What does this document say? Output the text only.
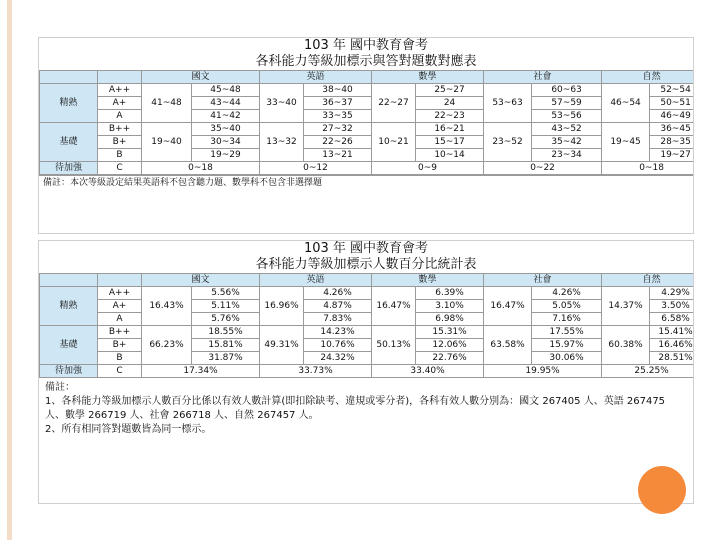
103 年 國中教育會考

各科能力等級加標示與答對題數對應表

		國文		英語		數學		社會		自然	
精熟	A++	41~48	45~48	33~40	38~40	22~27	25~27	53~63	60~63	46~54	52~54
	A+		43~44		36~37		24		57~59		50~51
	A		41~42		33~35		22~23		53~56		46~49
基礎	B++	19~40	35~40	13~32	27~32	10~21	16~21	23~52	43~52	19~45	36~45
	B+		30~34		22~26		15~17		35~42		28~35
	B		19~29		13~21		10~14		23~34		19~27
待加強	C	0~18		0~12		0~9		0~22		0~18	
備註：本次等級設定結果英語科不包含聽力題、數學科不包含非選擇題

103 年 國中教育會考

各科能力等級加標示人數百分比統計表

		國文		英語		數學		社會		自然	
精熟	A++	16.43%	5.56%	16.96%	4.26%	16.47%	6.39%	16.47%	4.26%	14.37%	4.29%
	A+		5.11%		4.87%		3.10%		5.05%		3.50%
	A		5.76%		7.83%		6.98%		7.16%		6.58%
基礎	B++	66.23%	18.55%	49.31%	14.23%	50.13%	15.31%	63.58%	17.55%	60.38%	15.41%
	B+		15.81%		10.76%		12.06%		15.97%		16.46%
	B		31.87%		24.32%		22.76%		30.06%		28.51%
待加強	C	17.34%		33.73%		33.40%		19.95%		25.25%	
備註：
1、各科能力等級加標示人數百分比係以有效人數計算(即扣除缺考、違規或零分者)，各科有效人數分別為：國文 267405 人、英語 267475 人、數學 266719 人、社會 266718 人、自然 267457 人。
2、所有相同答對題數皆為同一標示。
